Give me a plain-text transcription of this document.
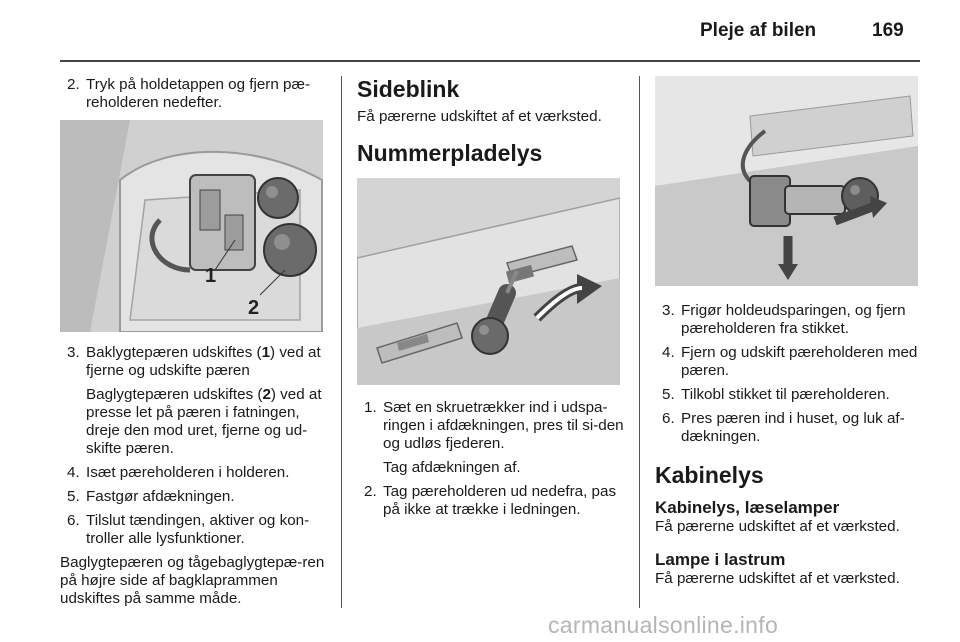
Pleje af bilen	169
2. Tryk på holdetappen og fjern pæ-reholderen nedefter.
1
2
3. Baklygtepæren udskiftes (1) ved at fjerne og udskifte pæren
Baglygtepæren udskiftes (2) ved at presse let på pæren i fatningen, dreje den mod uret, fjerne og ud-skifte pæren.
4. Isæt pæreholderen i holderen.
5. Fastgør afdækningen.
6. Tilslut tændingen, aktiver og kon-troller alle lysfunktioner.

Baglygtepæren og tågebaglygtepæ-ren på højre side af bagklaprammen udskiftes på samme måde.

Sideblink

Få pærerne udskiftet af et værksted.

Nummerpladelys
1. Sæt en skruetrækker ind i udspa-ringen i afdækningen, pres til si-den og udløs fjederen.
Tag afdækningen af.
2. Tag pæreholderen ud nedefra, pas på ikke at trække i ledningen.
3. Frigør holdeudsparingen, og fjern pæreholderen fra stikket.
4. Fjern og udskift pæreholderen med pæren.
5. Tilkobl stikket til pæreholderen.
6. Pres pæren ind i huset, og luk af-dækningen.
Kabinelys
Kabinelys, læselamper

Få pærerne udskiftet af et værksted.

Lampe i lastrum

Få pærerne udskiftet af et værksted.

carmanualsonline.info
